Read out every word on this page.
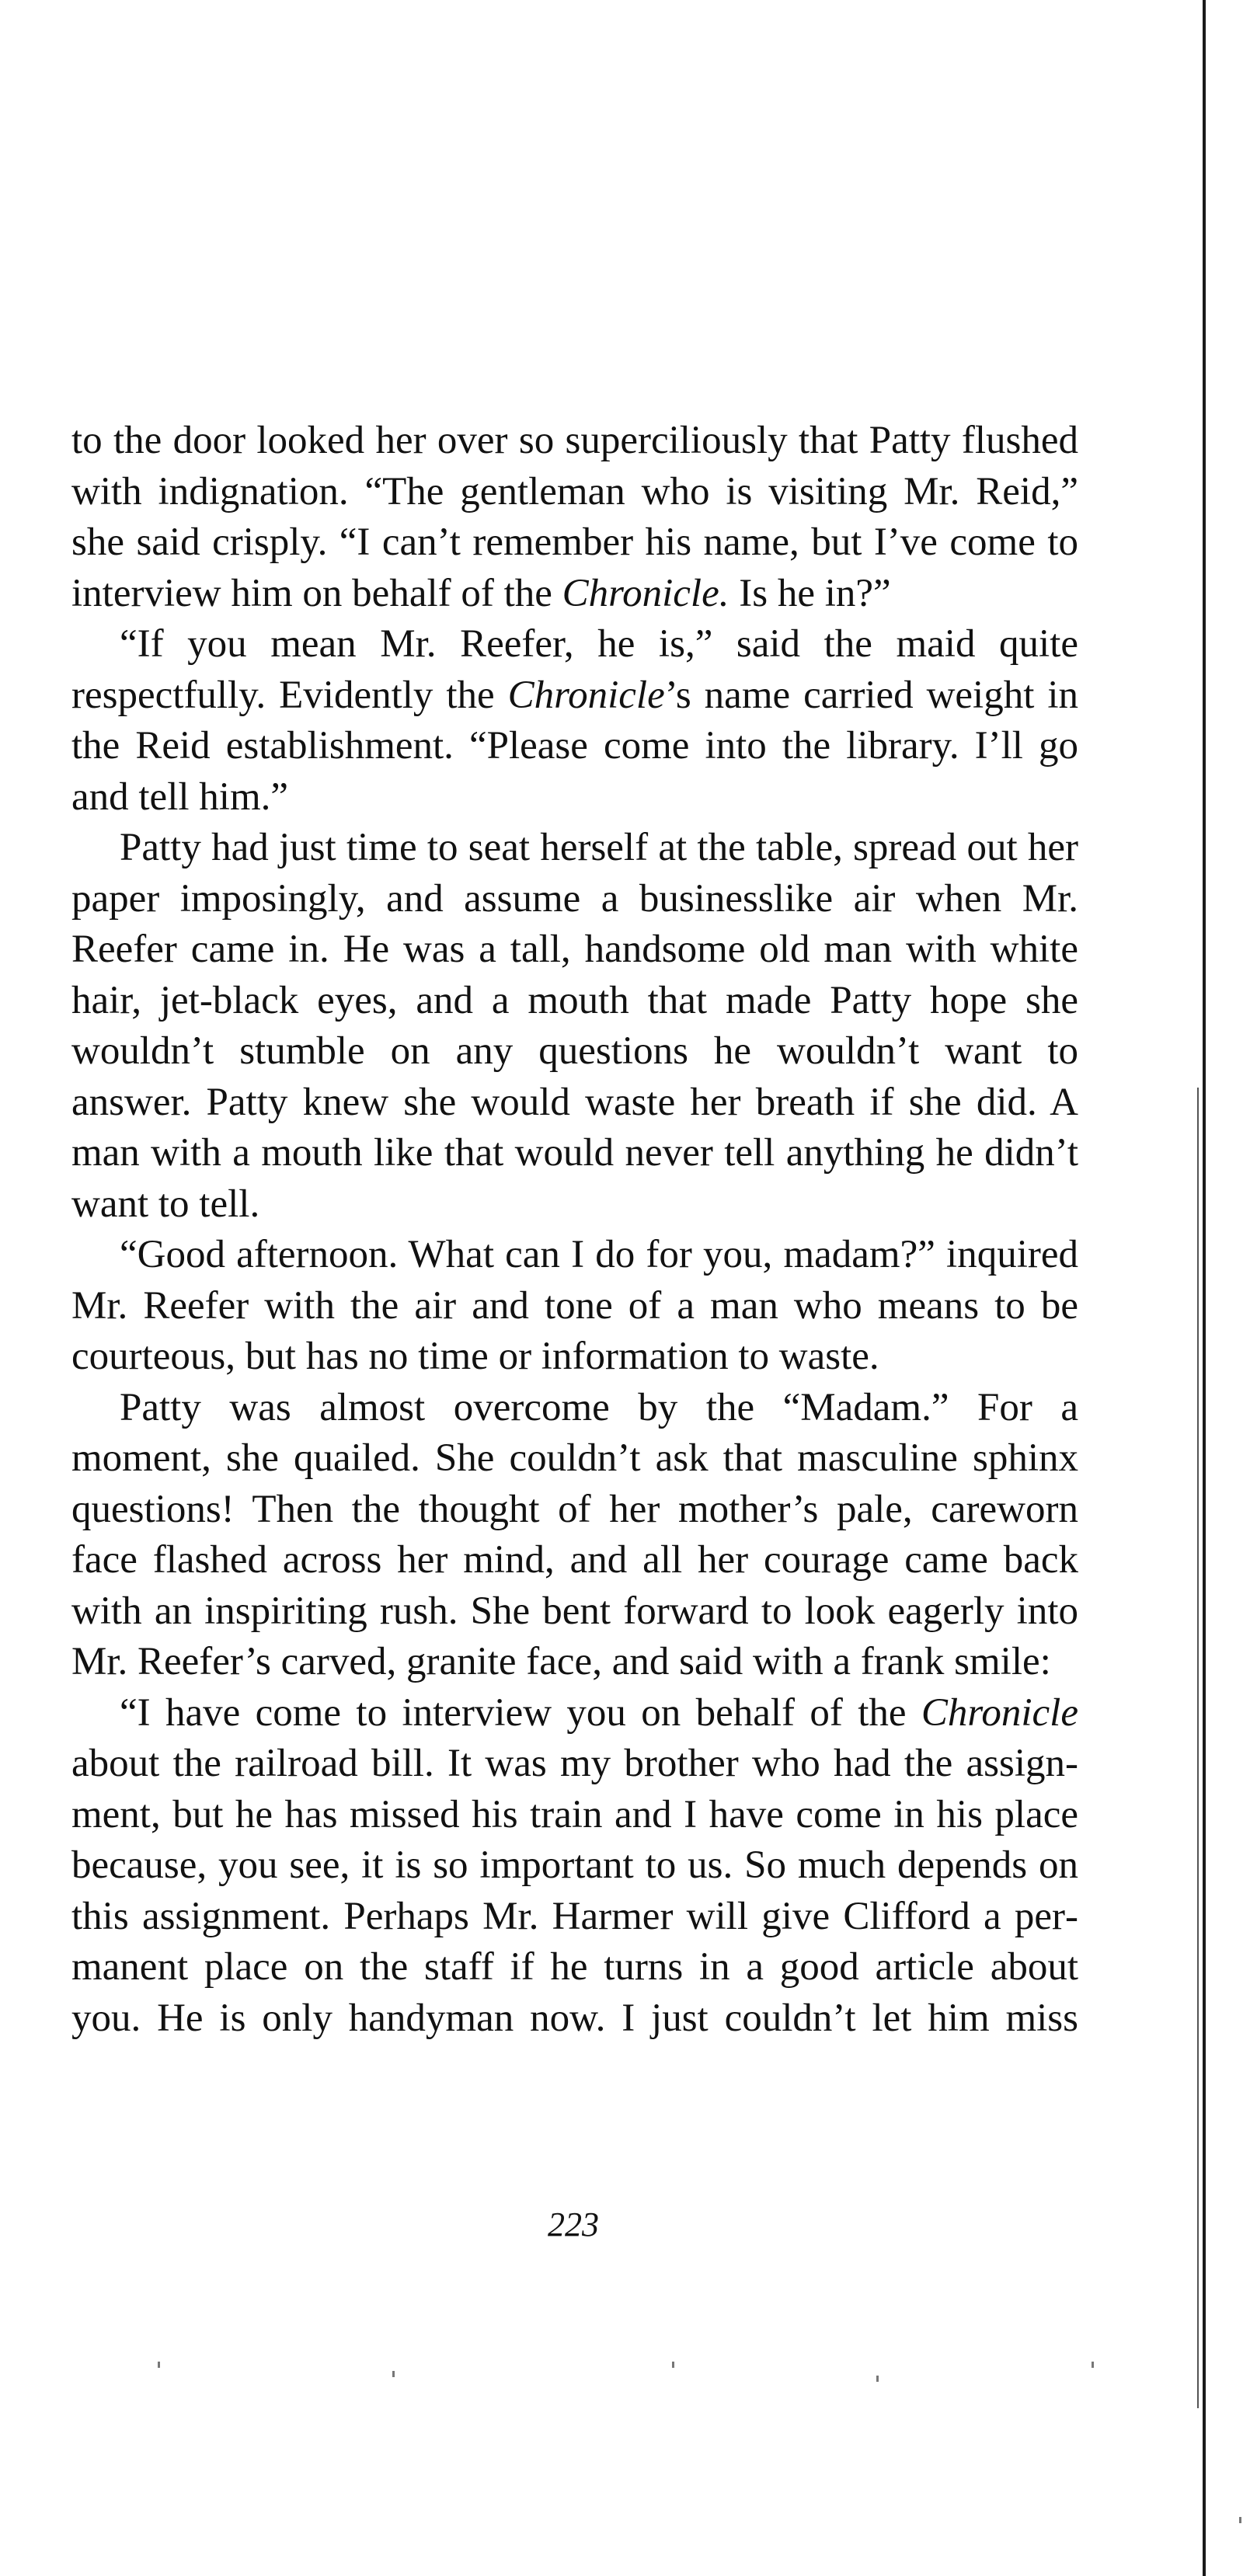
to the door looked her over so superciliously that Patty flushed with indignation. “The gentleman who is visiting Mr. Reid,” she said crisply. “I can’t remember his name, but I’ve come to interview him on behalf of the Chronicle. Is he in?”

“If you mean Mr. Reefer, he is,” said the maid quite respectfully. Evidently the Chronicle’s name carried weight in the Reid establishment. “Please come into the library. I’ll go and tell him.”

Patty had just time to seat herself at the table, spread out her paper imposingly, and assume a businesslike air when Mr. Reefer came in. He was a tall, handsome old man with white hair, jet-black eyes, and a mouth that made Patty hope she wouldn’t stumble on any questions he wouldn’t want to answer. Patty knew she would waste her breath if she did. A man with a mouth like that would never tell anything he didn’t want to tell.

“Good afternoon. What can I do for you, madam?” inquired Mr. Reefer with the air and tone of a man who means to be courteous, but has no time or information to waste.

Patty was almost overcome by the “Madam.” For a moment, she quailed. She couldn’t ask that masculine sphinx questions! Then the thought of her mother’s pale, careworn face flashed across her mind, and all her courage came back with an inspiriting rush. She bent forward to look eagerly into Mr. Reefer’s carved, granite face, and said with a frank smile:

“I have come to interview you on behalf of the Chronicle about the railroad bill. It was my brother who had the assignment, but he has missed his train and I have come in his place because, you see, it is so important to us. So much depends on this assignment. Perhaps Mr. Harmer will give Clifford a permanent place on the staff if he turns in a good article about you. He is only handyman now. I just couldn’t let him miss

223
